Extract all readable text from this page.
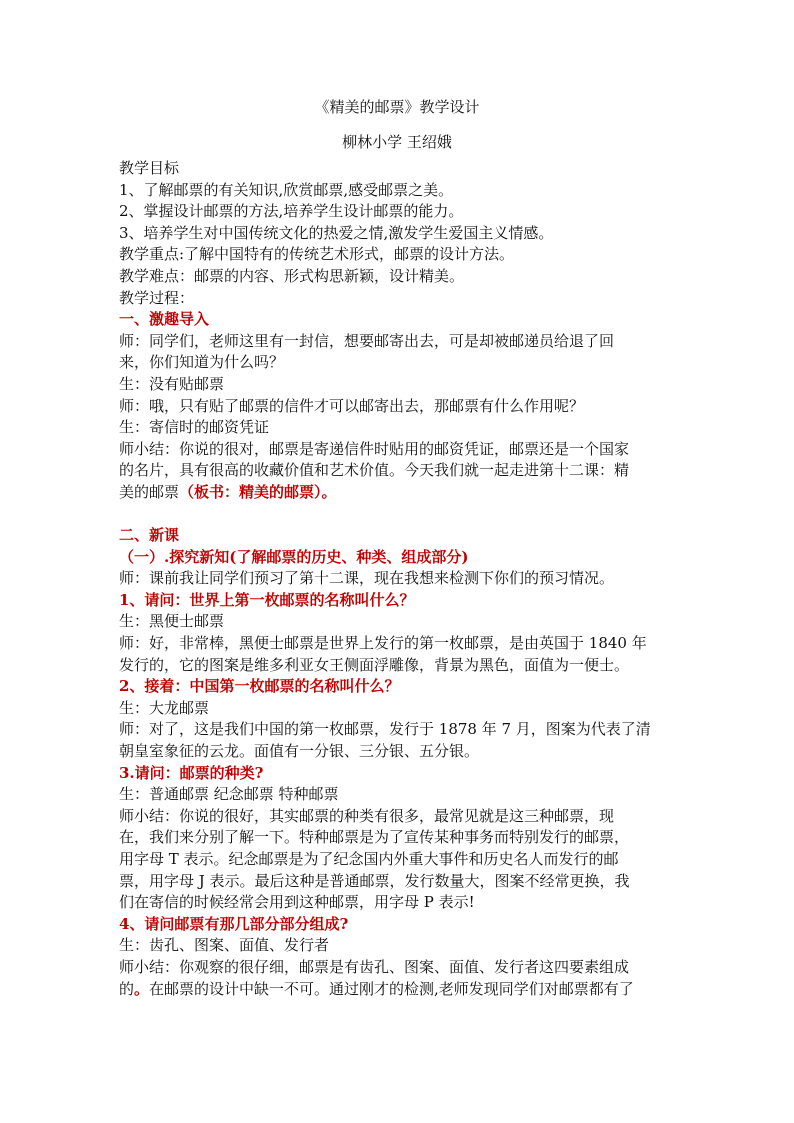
《精美的邮票》教学设计
柳林小学 王绍娥

教学目标

1、了解邮票的有关知识,欣赏邮票,感受邮票之美。

2、掌握设计邮票的方法,培养学生设计邮票的能力。

3、培养学生对中国传统文化的热爱之情,激发学生爱国主义情感。

教学重点:了解中国特有的传统艺术形式，邮票的设计方法。

教学难点：邮票的内容、形式构思新颖，设计精美。

教学过程：

一、激趣导入

师：同学们，老师这里有一封信，想要邮寄出去，可是却被邮递员给退了回

来，你们知道为什么吗？

生：没有贴邮票

师：哦，只有贴了邮票的信件才可以邮寄出去，那邮票有什么作用呢？

生：寄信时的邮资凭证

师小结：你说的很对，邮票是寄递信件时贴用的邮资凭证，邮票还是一个国家

的名片，具有很高的收藏价值和艺术价值。今天我们就一起走进第十二课：精

美的邮票（板书：精美的邮票）。

二、新课

（一）.探究新知(了解邮票的历史、种类、组成部分)

师：课前我让同学们预习了第十二课，现在我想来检测下你们的预习情况。

1、请问：世界上第一枚邮票的名称叫什么？

生：黑便士邮票

师：好，非常棒，黑便士邮票是世界上发行的第一枚邮票，是由英国于 1840 年

发行的，它的图案是维多利亚女王侧面浮雕像，背景为黑色，面值为一便士。

2、接着：中国第一枚邮票的名称叫什么？

生：大龙邮票

师：对了，这是我们中国的第一枚邮票，发行于 1878 年 7 月，图案为代表了清

朝皇室象征的云龙。面值有一分银、三分银、五分银。

3.请问：邮票的种类?

生：普通邮票 纪念邮票 特种邮票

师小结：你说的很好，其实邮票的种类有很多，最常见就是这三种邮票，现

在，我们来分别了解一下。特种邮票是为了宣传某种事务而特别发行的邮票，

用字母 T 表示。纪念邮票是为了纪念国内外重大事件和历史名人而发行的邮

票，用字母 J 表示。最后这种是普通邮票，发行数量大，图案不经常更换，我

们在寄信的时候经常会用到这种邮票，用字母 P 表示!

4、请问邮票有那几部分部分组成?

生：齿孔、图案、面值、发行者

师小结：你观察的很仔细，邮票是有齿孔、图案、面值、发行者这四要素组成

的。在邮票的设计中缺一不可。通过刚才的检测,老师发现同学们对邮票都有了
